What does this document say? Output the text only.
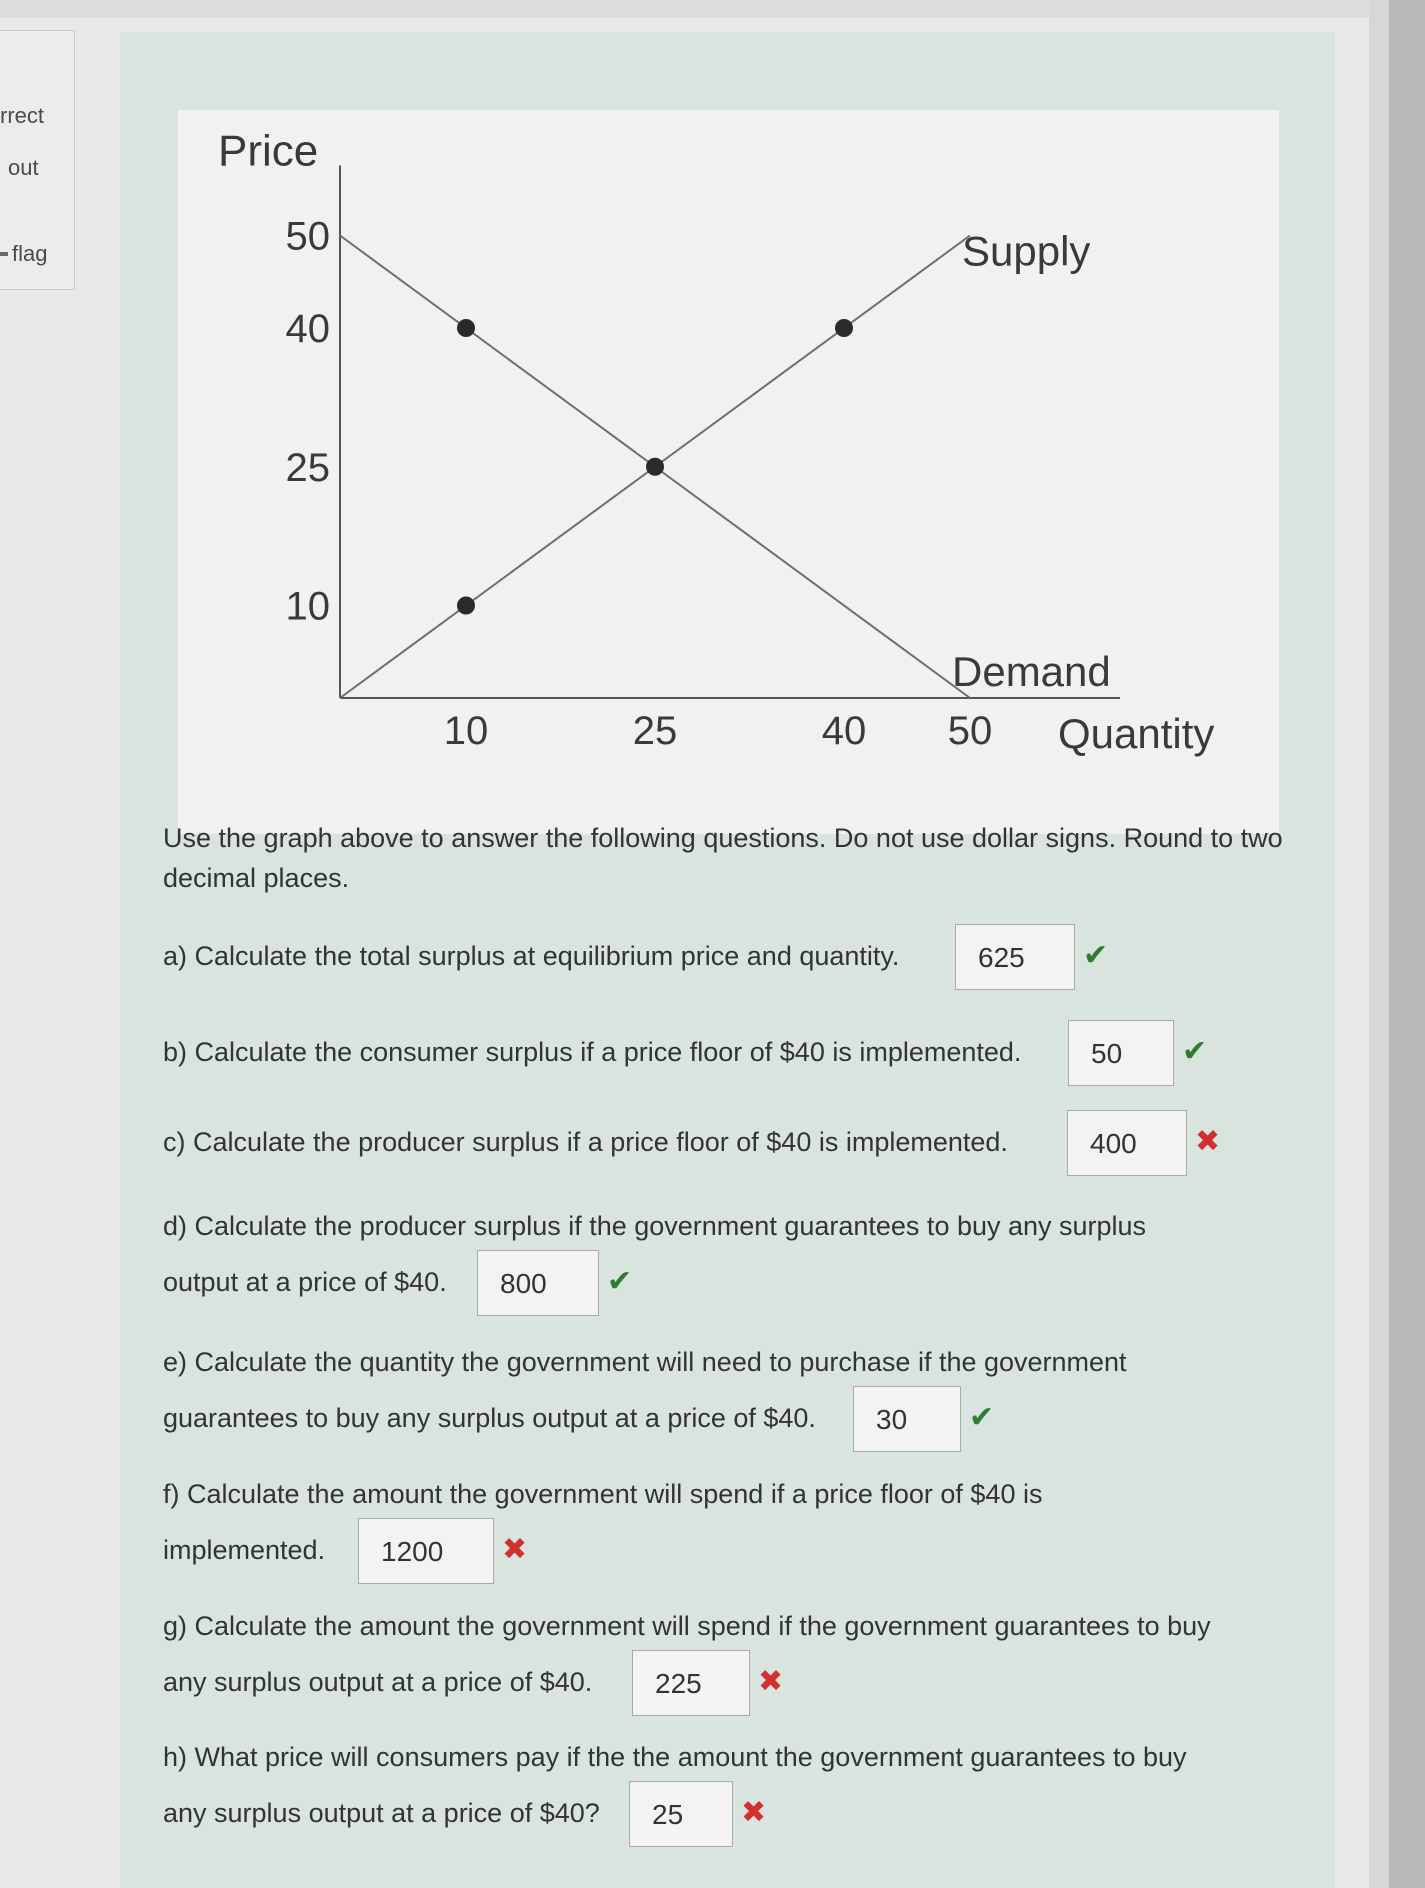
rrect
out
flag
Price
Quantity
50
40
25
10
10	25	40 50
Supply
Demand
Use the graph above to answer the following questions. Do not use dollar signs. Round to two decimal places.
a) Calculate the total surplus at equilibrium price and quantity.	625	✔
b) Calculate the consumer surplus if a price floor of $40 is implemented.	50	✔
c) Calculate the producer surplus if a price floor of $40 is implemented.	400	✖
d) Calculate the producer surplus if the government guarantees to buy any surplus
output at a price of $40.	800	✔
e) Calculate the quantity the government will need to purchase if the government
guarantees to buy any surplus output at a price of $40.	30	✔
f) Calculate the amount the government will spend if a price floor of $40 is
implemented.	1200	✖
g) Calculate the amount the government will spend if the government guarantees to buy
any surplus output at a price of $40.	225	✖
h) What price will consumers pay if the the amount the government guarantees to buy
any surplus output at a price of $40?	25	✖
